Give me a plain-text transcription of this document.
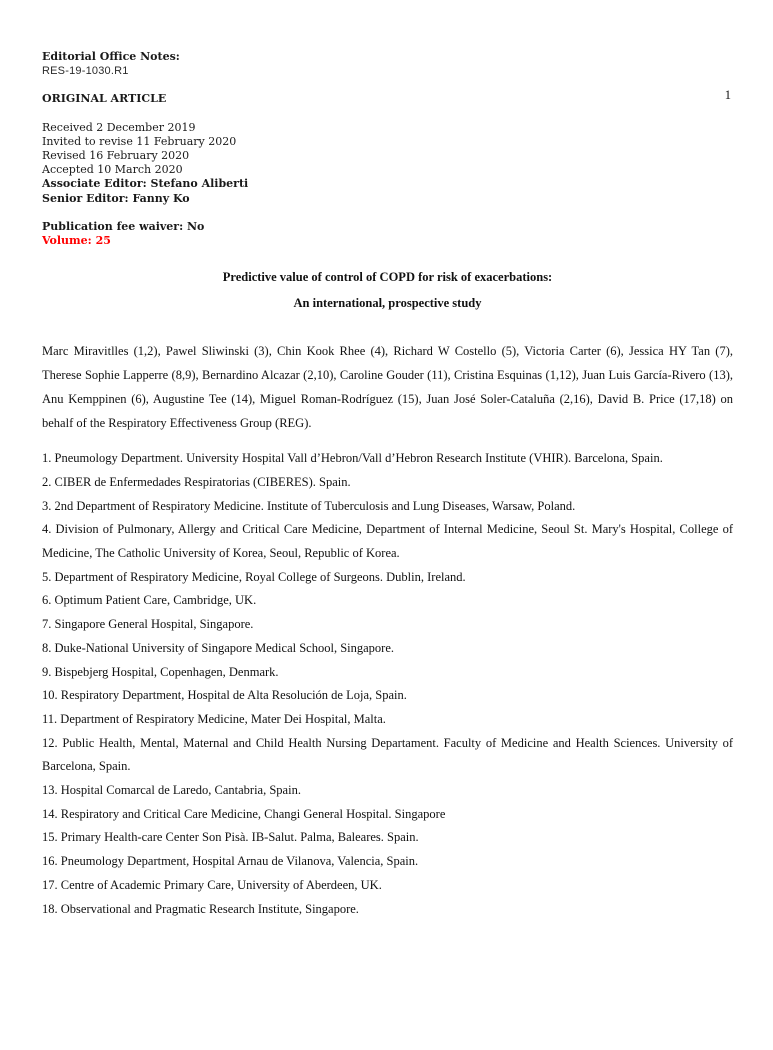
1

Editorial Office Notes:

RES-19-1030.R1

ORIGINAL ARTICLE

Received 2 December 2019

Invited to revise 11 February 2020

Revised 16 February 2020

Accepted 10 March 2020

Associate Editor: Stefano Aliberti

Senior Editor: Fanny Ko

Publication fee waiver: No

Volume: 25

Predictive value of control of COPD for risk of exacerbations:

An international, prospective study

Marc Miravitlles (1,2), Pawel Sliwinski (3), Chin Kook Rhee (4), Richard W Costello (5), Victoria Carter (6), Jessica HY Tan (7), Therese Sophie Lapperre (8,9), Bernardino Alcazar (2,10), Caroline Gouder (11), Cristina Esquinas (1,12), Juan Luis García-Rivero (13), Anu Kemppinen (6), Augustine Tee (14), Miguel Roman-Rodríguez (15), Juan José Soler-Cataluña (2,16), David B. Price (17,18) on behalf of the Respiratory Effectiveness Group (REG).

1. Pneumology Department. University Hospital Vall d’Hebron/Vall d’Hebron Research Institute (VHIR). Barcelona, Spain.

2. CIBER de Enfermedades Respiratorias (CIBERES). Spain.

3. 2nd Department of Respiratory Medicine. Institute of Tuberculosis and Lung Diseases, Warsaw, Poland.

4. Division of Pulmonary, Allergy and Critical Care Medicine, Department of Internal Medicine, Seoul St. Mary's Hospital, College of Medicine, The Catholic University of Korea, Seoul, Republic of Korea.

5. Department of Respiratory Medicine, Royal College of Surgeons. Dublin, Ireland.

6. Optimum Patient Care, Cambridge, UK.

7. Singapore General Hospital, Singapore.

8. Duke-National University of Singapore Medical School, Singapore.

9. Bispebjerg Hospital, Copenhagen, Denmark.

10. Respiratory Department, Hospital de Alta Resolución de Loja, Spain.

11. Department of Respiratory Medicine, Mater Dei Hospital, Malta.

12. Public Health, Mental, Maternal and Child Health Nursing Departament. Faculty of Medicine and Health Sciences. University of Barcelona, Spain.

13. Hospital Comarcal de Laredo, Cantabria, Spain.

14. Respiratory and Critical Care Medicine, Changi General Hospital. Singapore

15. Primary Health-care Center Son Pisà. IB-Salut. Palma, Baleares. Spain.

16. Pneumology Department, Hospital Arnau de Vilanova, Valencia, Spain.

17. Centre of Academic Primary Care, University of Aberdeen, UK.

18. Observational and Pragmatic Research Institute, Singapore.
